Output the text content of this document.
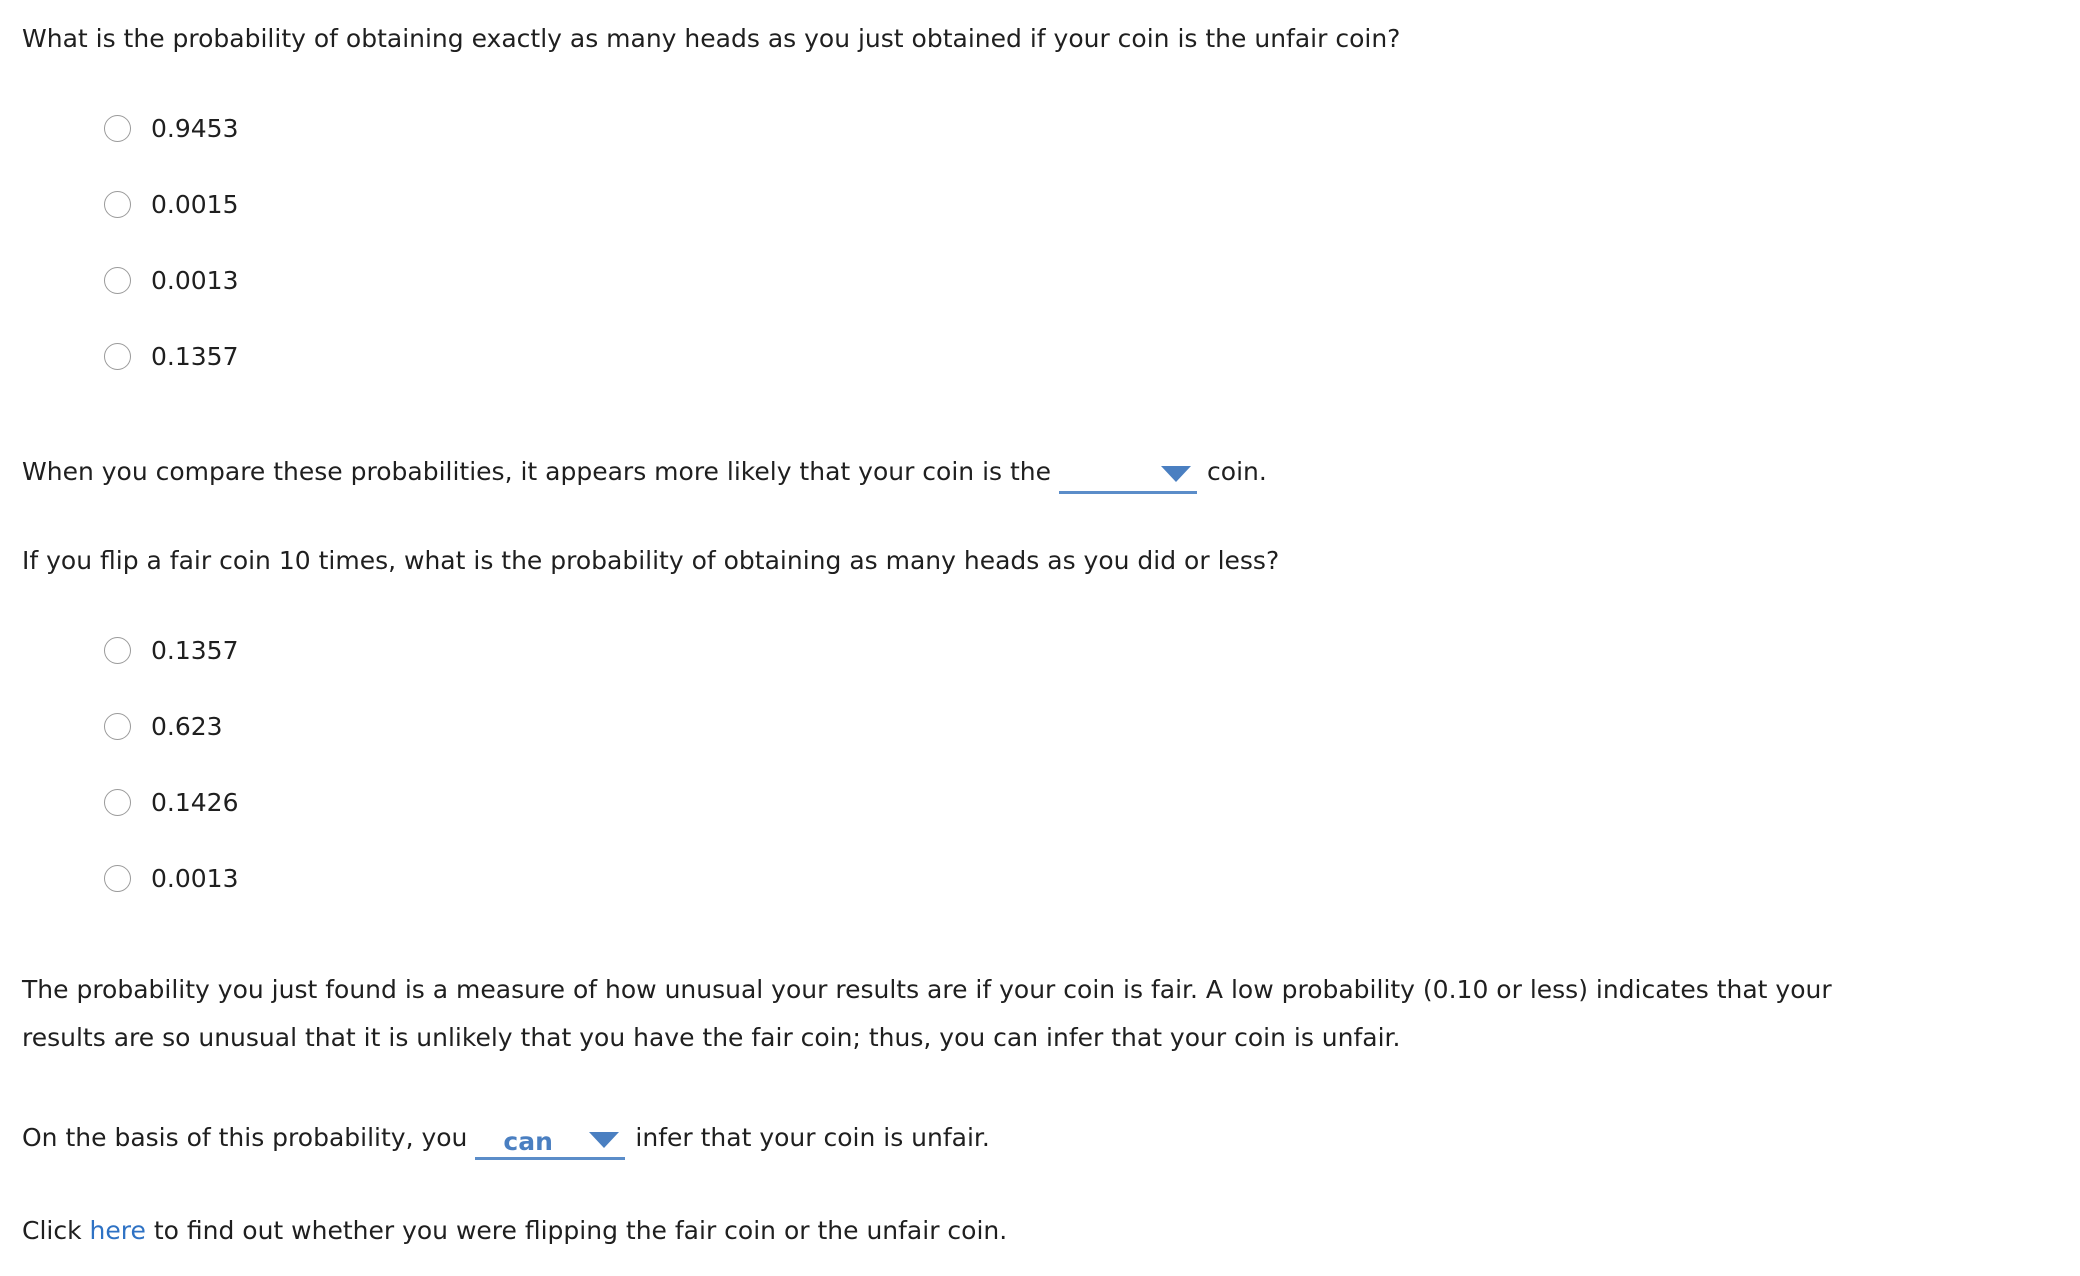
What is the probability of obtaining exactly as many heads as you just obtained if your coin is the unfair coin?
0.9453
0.0015
0.0013
0.1357
When you compare these probabilities, it appears more likely that your coin is the	coin.
If you flip a fair coin 10 times, what is the probability of obtaining as many heads as you did or less?
0.1357
0.623
0.1426
0.0013
The probability you just found is a measure of how unusual your results are if your coin is fair. A low probability (0.10 or less) indicates that your results are so unusual that it is unlikely that you have the fair coin; thus, you can infer that your coin is unfair.
On the basis of this probability, you	can	infer that your coin is unfair.
Click here to find out whether you were flipping the fair coin or the unfair coin.
